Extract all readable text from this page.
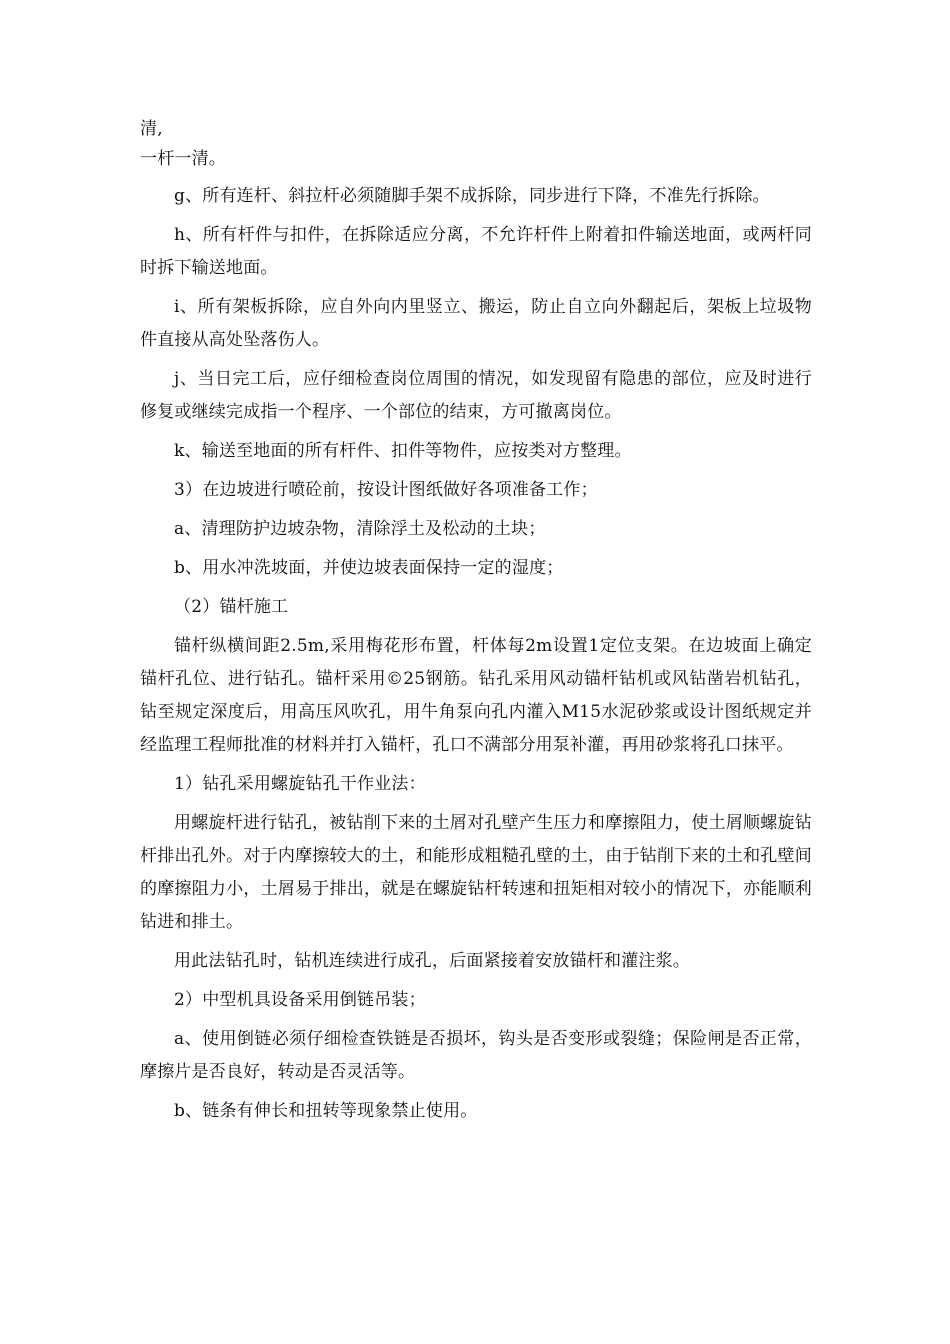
清,

一杆一清。

g、所有连杆、斜拉杆必须随脚手架不成拆除，同步进行下降，不准先行拆除。

h、所有杆件与扣件，在拆除适应分离，不允许杆件上附着扣件输送地面，或两杆同时拆下输送地面。

i、所有架板拆除，应自外向内里竖立、搬运，防止自立向外翻起后，架板上垃圾物件直接从高处坠落伤人。

j、当日完工后，应仔细检查岗位周围的情况，如发现留有隐患的部位，应及时进行修复或继续完成指一个程序、一个部位的结束，方可撤离岗位。

k、输送至地面的所有杆件、扣件等物件，应按类对方整理。

3）在边坡进行喷砼前，按设计图纸做好各项准备工作；

a、清理防护边坡杂物，清除浮土及松动的土块；

b、用水冲洗坡面，并使边坡表面保持一定的湿度；

（2）锚杆施工

锚杆纵横间距2.5m,采用梅花形布置，杆体每2m设置1定位支架。在边坡面上确定锚杆孔位、进行钻孔。锚杆采用©25钢筋。钻孔采用风动锚杆钻机或风钻凿岩机钻孔，钻至规定深度后，用高压风吹孔，用牛角泵向孔内灌入M15水泥砂浆或设计图纸规定并经监理工程师批准的材料并打入锚杆，孔口不满部分用泵补灌，再用砂浆将孔口抹平。

1）钻孔采用螺旋钻孔干作业法：

用螺旋杆进行钻孔，被钻削下来的土屑对孔壁产生压力和摩擦阻力，使土屑顺螺旋钻杆排出孔外。对于内摩擦较大的土，和能形成粗糙孔壁的土，由于钻削下来的土和孔壁间的摩擦阻力小，土屑易于排出，就是在螺旋钻杆转速和扭矩相对较小的情况下，亦能顺利钻进和排土。

用此法钻孔时，钻机连续进行成孔，后面紧接着安放锚杆和灌注浆。

2）中型机具设备采用倒链吊装；

a、使用倒链必须仔细检查铁链是否损坏，钩头是否变形或裂缝；保险闸是否正常，摩擦片是否良好，转动是否灵活等。

b、链条有伸长和扭转等现象禁止使用。
